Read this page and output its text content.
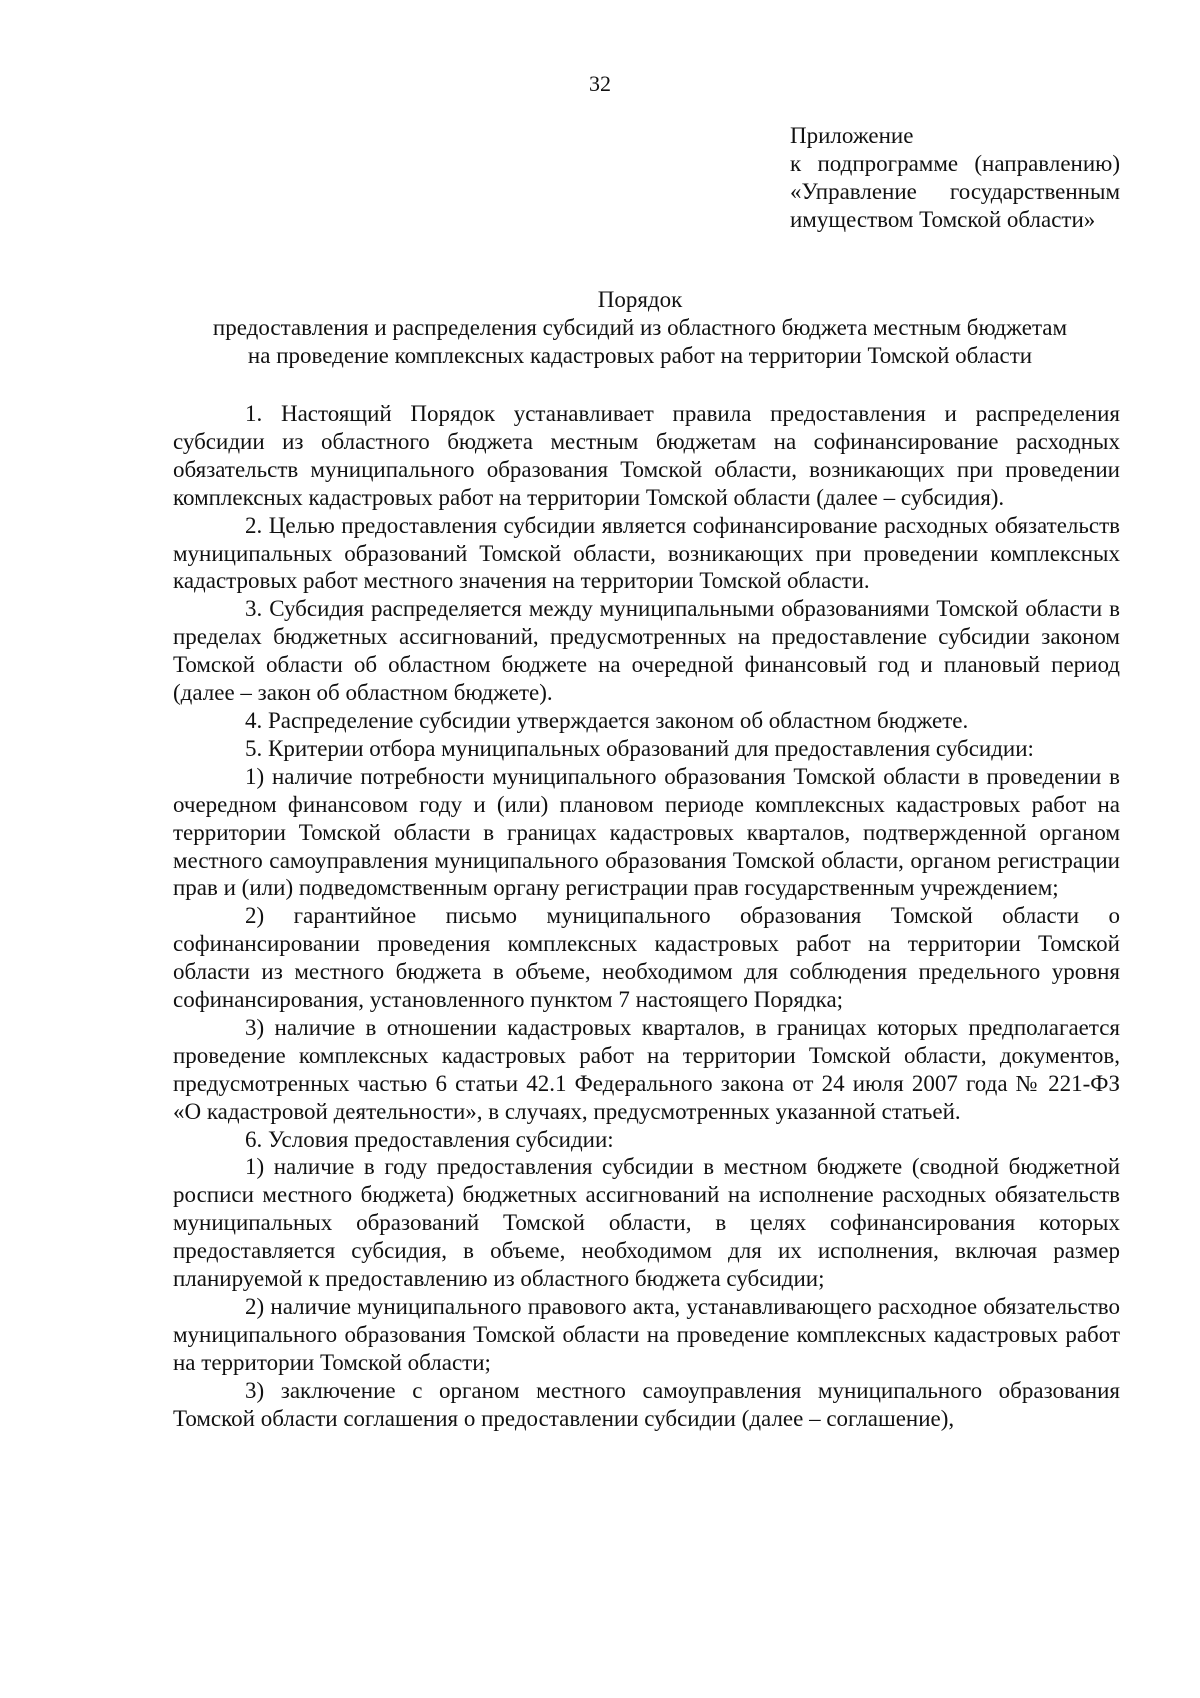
32
Приложение
к подпрограмме (направлению)
«Управление государственным
имуществом Томской области»
Порядок
предоставления и распределения субсидий из областного бюджета местным бюджетам
на проведение комплексных кадастровых работ на территории Томской области

1. Настоящий Порядок устанавливает правила предоставления и распределения субсидии из областного бюджета местным бюджетам на софинансирование расходных обязательств муниципального образования Томской области, возникающих при проведении комплексных кадастровых работ на территории Томской области (далее – субсидия).

2. Целью предоставления субсидии является софинансирование расходных обязательств муниципальных образований Томской области, возникающих при проведении комплексных кадастровых работ местного значения на территории Томской области.

3. Субсидия распределяется между муниципальными образованиями Томской области в пределах бюджетных ассигнований, предусмотренных на предоставление субсидии законом Томской области об областном бюджете на очередной финансовый год и плановый период (далее – закон об областном бюджете).

4. Распределение субсидии утверждается законом об областном бюджете.

5. Критерии отбора муниципальных образований для предоставления субсидии:

1) наличие потребности муниципального образования Томской области в проведении в очередном финансовом году и (или) плановом периоде комплексных кадастровых работ на территории Томской области в границах кадастровых кварталов, подтвержденной органом местного самоуправления муниципального образования Томской области, органом регистрации прав и (или) подведомственным органу регистрации прав государственным учреждением;

2) гарантийное письмо муниципального образования Томской области о софинансировании проведения комплексных кадастровых работ на территории Томской области из местного бюджета в объеме, необходимом для соблюдения предельного уровня софинансирования, установленного пунктом 7 настоящего Порядка;

3) наличие в отношении кадастровых кварталов, в границах которых предполагается проведение комплексных кадастровых работ на территории Томской области, документов, предусмотренных частью 6 статьи 42.1 Федерального закона от 24 июля 2007 года № 221-ФЗ «О кадастровой деятельности», в случаях, предусмотренных указанной статьей.

6. Условия предоставления субсидии:

1) наличие в году предоставления субсидии в местном бюджете (сводной бюджетной росписи местного бюджета) бюджетных ассигнований на исполнение расходных обязательств муниципальных образований Томской области, в целях софинансирования которых предоставляется субсидия, в объеме, необходимом для их исполнения, включая размер планируемой к предоставлению из областного бюджета субсидии;

2) наличие муниципального правового акта, устанавливающего расходное обязательство муниципального образования Томской области на проведение комплексных кадастровых работ на территории Томской области;

3) заключение с органом местного самоуправления муниципального образования Томской области соглашения о предоставлении субсидии (далее – соглашение),
